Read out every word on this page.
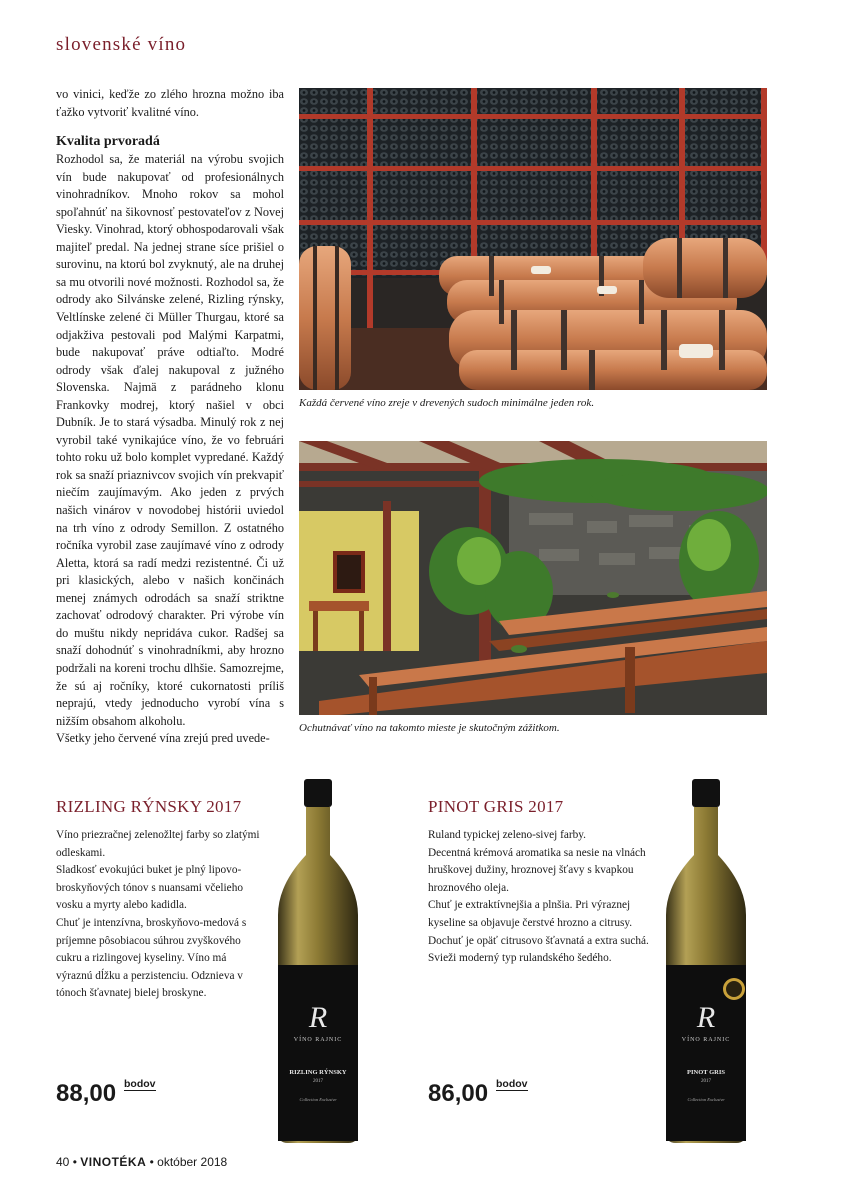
slovenské víno

vo vinici, keďže zo zlého hrozna možno iba ťažko vytvoriť kvalitné víno.

Kvalita prvoradá

Rozhodol sa, že materiál na výrobu svojich vín bude nakupovať od profesionálnych vinohradníkov. Mnoho rokov sa mohol spoľahnúť na šikovnosť pestovateľov z Novej Viesky. Vinohrad, ktorý obhospodarovali však majiteľ predal. Na jednej strane síce prišiel o surovinu, na ktorú bol zvyknutý, ale na druhej sa mu otvorili nové možnosti. Rozhodol sa, že odrody ako Silvánske zelené, Rizling rýnsky, Veltlínske zelené či Müller Thurgau, ktoré sa odjakživa pestovali pod Malými Karpatmi, bude nakupovať práve odtiaľto. Modré odrody však ďalej nakupoval z južného Slovenska. Najmä z parádneho klonu Frankovky modrej, ktorý našiel v obci Dubník. Je to stará výsadba. Minulý rok z nej vyrobil také vynikajúce víno, že vo februári tohto roku už bolo komplet vypredané. Každý rok sa snaží priaznivcov svojich vín prekvapiť niečím zaujímavým. Ako jeden z prvých našich vinárov v novodobej histórii uviedol na trh víno z odrody Semillon. Z ostatného ročníka vyrobil zase zaujímavé víno z odrody Aletta, ktorá sa radí medzi rezistentné. Či už pri klasických, alebo v našich končinách menej známych odrodách sa snaží striktne zachovať odrodový charakter. Pri výrobe vín do muštu nikdy nepridáva cukor. Radšej sa snaží dohodnúť s vinohradníkmi, aby hrozno podržali na koreni trochu dlhšie. Samozrejme, že sú aj ročníky, ktoré cukornatosti príliš neprajú, vtedy jednoducho vyrobí vína s nižším obsahom alkoholu.

Všetky jeho červené vína zrejú pred uvede-

Každá červené víno zreje v drevených sudoch minimálne jeden rok.
Ochutnávať víno na takomto mieste je skutočným zážitkom.
RIZLING RÝNSKY 2017

Víno priezračnej zelenožltej farby so zlatými odleskami.

Sladkosť evokujúci buket je plný lipovo-broskyňových tónov s nuansami včelieho vosku a myrty alebo kadidla.

Chuť je intenzívna, broskyňovo-medová s príjemne pôsobiacou súhrou zvyškového cukru a rizlingovej kyseliny. Víno má výraznú dĺžku a perzistenciu. Odznieva v tónoch šťavnatej bielej broskyne.

88,00 bodov
VÍNO RAJNIC
R
RIZLING RÝNSKY
2017
Collection Exclusive
PINOT GRIS 2017

Ruland typickej zeleno-sivej farby.

Decentná krémová aromatika sa nesie na vlnách hruškovej dužiny, hroznovej šťavy s kvapkou hroznového oleja.

Chuť je extraktívnejšia a plnšia. Pri výraznej kyseline sa objavuje čerstvé hrozno a citrusy.

Dochuť je opäť citrusovo šťavnatá a extra suchá.

Svieži moderný typ rulandského šedého.

86,00 bodov
R
VÍNO RAJNIC
PINOT GRIS
2017
Collection Exclusive
40 • VINOTÉKA • október 2018
